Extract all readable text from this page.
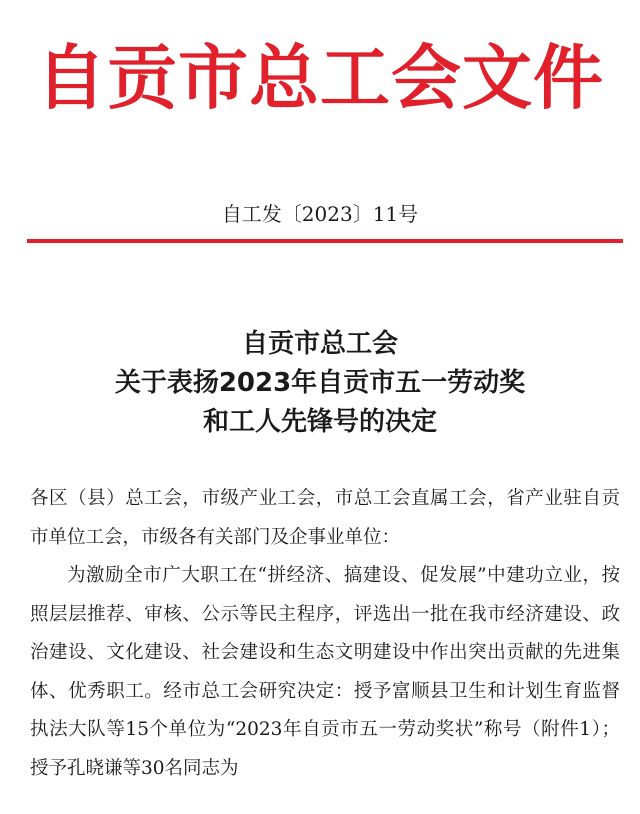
自贡市总工会文件
自工发〔2023〕11号
自贡市总工会
关于表扬2023年自贡市五一劳动奖
和工人先锋号的决定

各区（县）总工会，市级产业工会，市总工会直属工会，省产业驻自贡市单位工会，市级各有关部门及企事业单位：

为激励全市广大职工在“拼经济、搞建设、促发展”中建功立业，按照层层推荐、审核、公示等民主程序，评选出一批在我市经济建设、政治建设、文化建设、社会建设和生态文明建设中作出突出贡献的先进集体、优秀职工。经市总工会研究决定：授予富顺县卫生和计划生育监督执法大队等15个单位为“2023年自贡市五一劳动奖状”称号（附件1）；授予孔晓谦等30名同志为
